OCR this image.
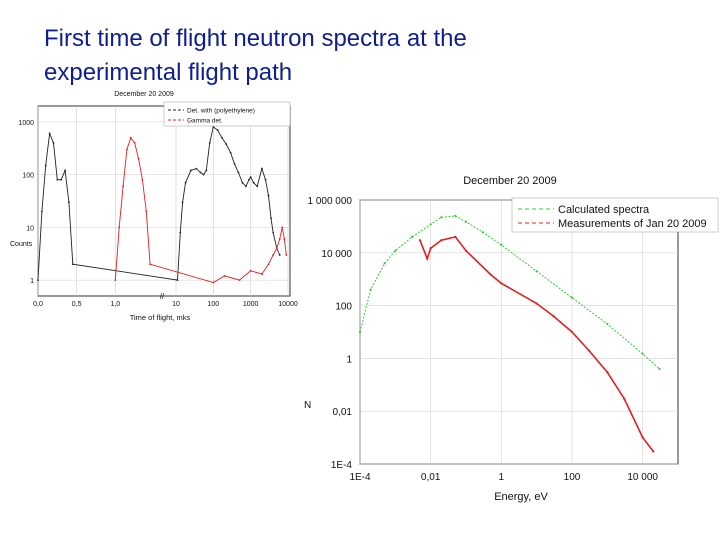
First time of flight neutron spectra at the
experimental flight path
1
10
100
1000
0,0	0,5	1,0	10	100	1000	10000
//
December 20 2009
Time of flight, mks
Counts
Det. with (polyethylene)
Gamma det.
1E-4
0,01
1
100
10 000
1 000 000
1E-4	0,01	1	100	10 000
December 20 2009
Energy, eV
N
Calculated spectra
Measurements of Jan 20 2009
